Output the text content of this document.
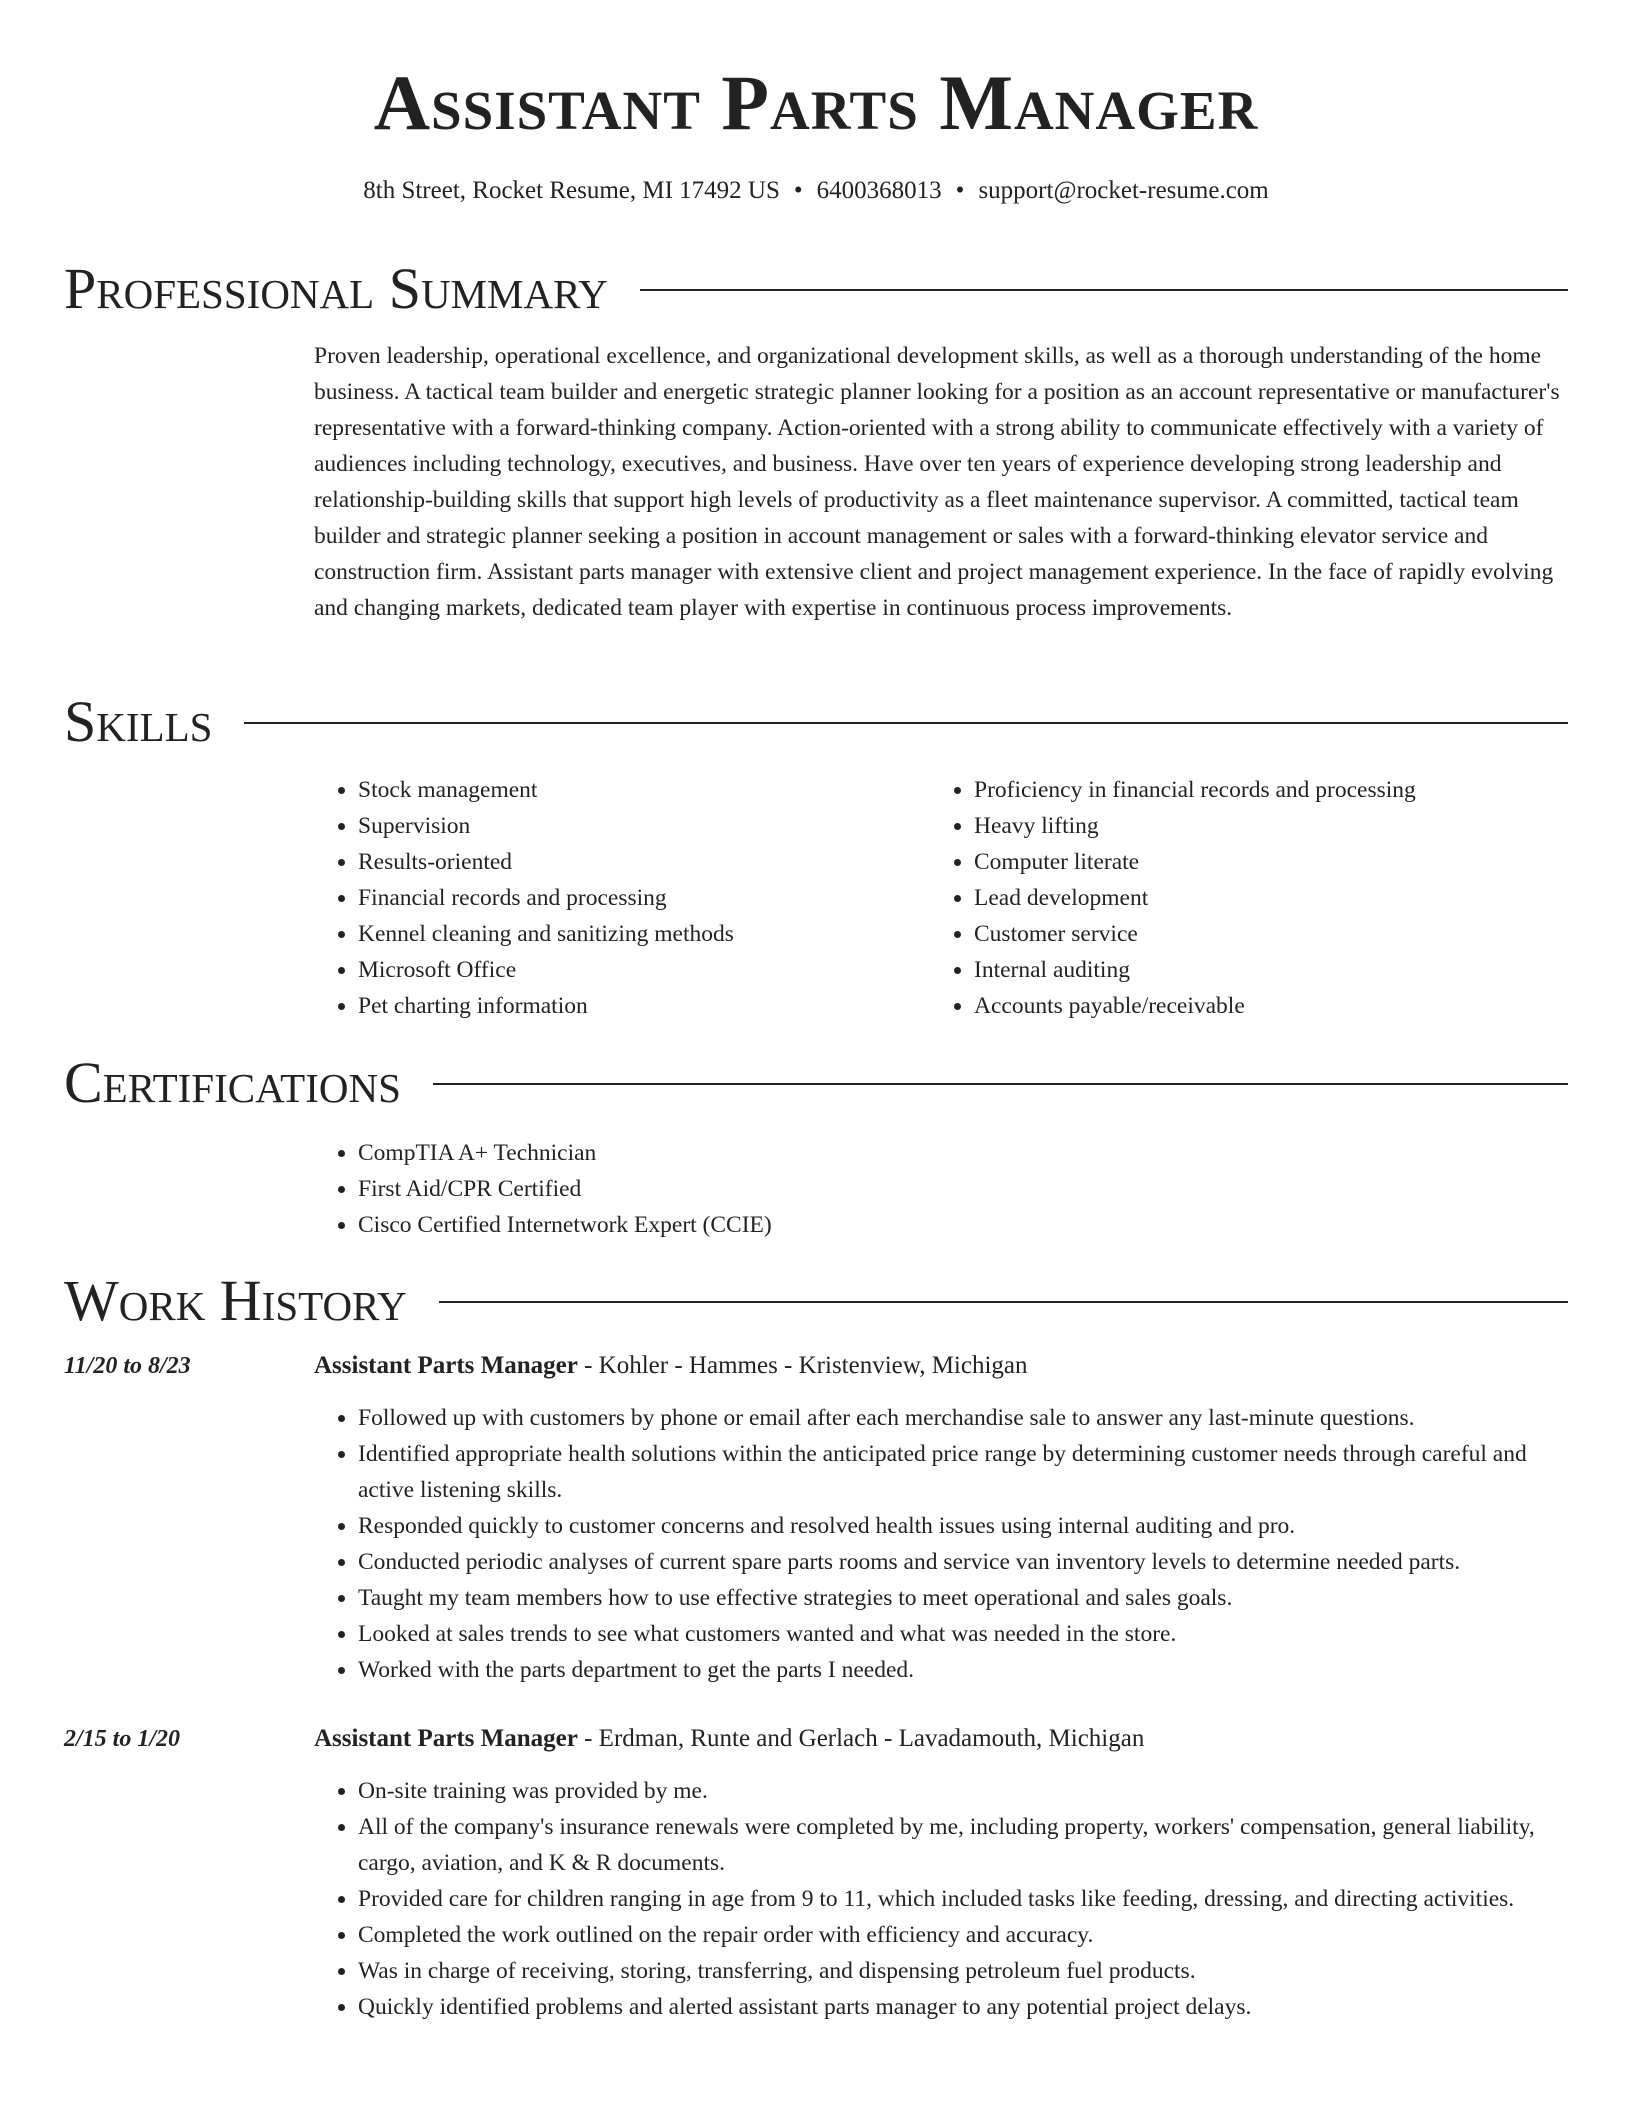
Assistant Parts Manager
8th Street, Rocket Resume, MI 17492 US • 6400368013 • support@rocket-resume.com
Professional Summary

Proven leadership, operational excellence, and organizational development skills, as well as a thorough understanding of the home business. A tactical team builder and energetic strategic planner looking for a position as an account representative or manufacturer's representative with a forward-thinking company. Action-oriented with a strong ability to communicate effectively with a variety of audiences including technology, executives, and business. Have over ten years of experience developing strong leadership and relationship-building skills that support high levels of productivity as a fleet maintenance supervisor. A committed, tactical team builder and strategic planner seeking a position in account management or sales with a forward-thinking elevator service and construction firm. Assistant parts manager with extensive client and project management experience. In the face of rapidly evolving and changing markets, dedicated team player with expertise in continuous process improvements.

Skills
• Stock management
• Supervision
• Results-oriented
• Financial records and processing
• Kennel cleaning and sanitizing methods
• Microsoft Office
• Pet charting information
• Proficiency in financial records and processing
• Heavy lifting
• Computer literate
• Lead development
• Customer service
• Internal auditing
• Accounts payable/receivable
Certifications
• CompTIA A+ Technician
• First Aid/CPR Certified
• Cisco Certified Internetwork Expert (CCIE)
Work History
11/20 to 8/23	Assistant Parts Manager - Kohler - Hammes - Kristenview, Michigan
• Followed up with customers by phone or email after each merchandise sale to answer any last-minute questions.
• Identified appropriate health solutions within the anticipated price range by determining customer needs through careful and active listening skills.
• Responded quickly to customer concerns and resolved health issues using internal auditing and pro.
• Conducted periodic analyses of current spare parts rooms and service van inventory levels to determine needed parts.
• Taught my team members how to use effective strategies to meet operational and sales goals.
• Looked at sales trends to see what customers wanted and what was needed in the store.
• Worked with the parts department to get the parts I needed.
2/15 to 1/20	Assistant Parts Manager - Erdman, Runte and Gerlach - Lavadamouth, Michigan
• On-site training was provided by me.
• All of the company's insurance renewals were completed by me, including property, workers' compensation, general liability, cargo, aviation, and K & R documents.
• Provided care for children ranging in age from 9 to 11, which included tasks like feeding, dressing, and directing activities.
• Completed the work outlined on the repair order with efficiency and accuracy.
• Was in charge of receiving, storing, transferring, and dispensing petroleum fuel products.
• Quickly identified problems and alerted assistant parts manager to any potential project delays.
